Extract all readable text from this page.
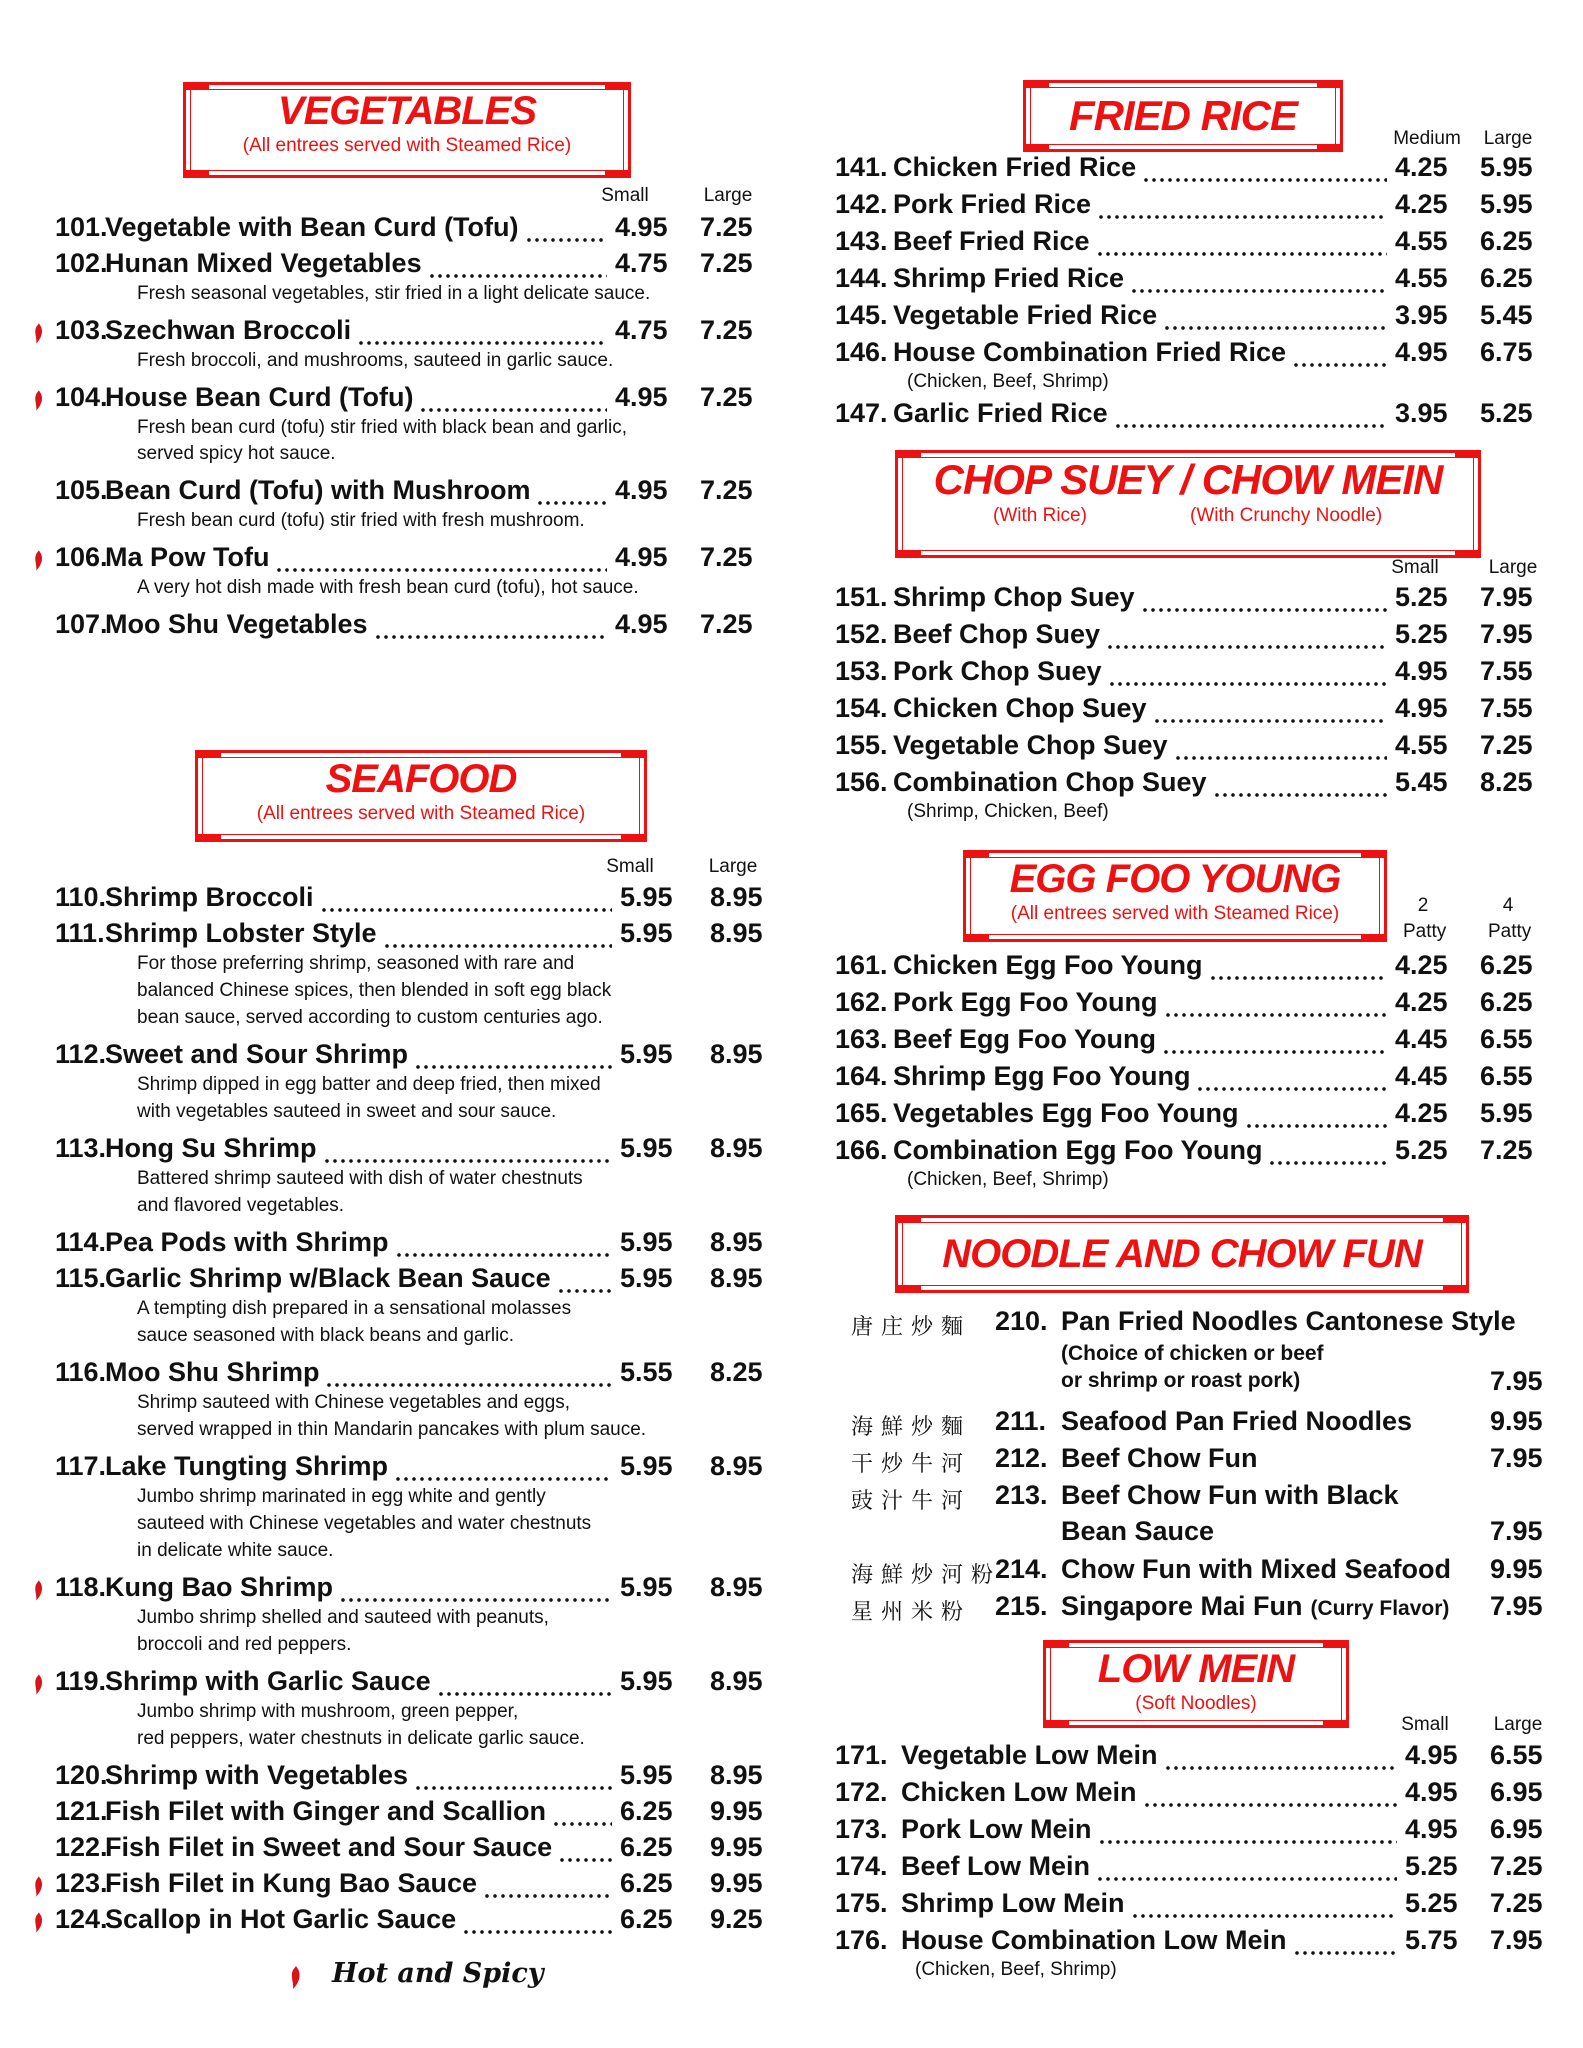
VEGETABLES
(All entrees served with Steamed Rice)
Small	Large
101.
Vegetable with Bean Curd (Tofu)	4.95 7.25
102.
Hunan Mixed Vegetables	4.75 7.25
Fresh seasonal vegetables, stir fried in a light delicate sauce.
103.
Szechwan Broccoli	4.75 7.25
Fresh broccoli, and mushrooms, sauteed in garlic sauce.
104.
House Bean Curd (Tofu)	4.95 7.25
Fresh bean curd (tofu) stir fried with black bean and garlic,
served spicy hot sauce.
105.
Bean Curd (Tofu) with Mushroom	4.95 7.25
Fresh bean curd (tofu) stir fried with fresh mushroom.
106.
Ma Pow Tofu	4.95 7.25
A very hot dish made with fresh bean curd (tofu), hot sauce.
107.
Moo Shu Vegetables	4.95 7.25
SEAFOOD
(All entrees served with Steamed Rice)
Small	Large
110.
Shrimp Broccoli	5.95 8.95
111. Shrimp Lobster Style	5.95 8.95
For those preferring shrimp, seasoned with rare and
balanced Chinese spices, then blended in soft egg black
bean sauce, served according to custom centuries ago.
112.
Sweet and Sour Shrimp	5.95 8.95
Shrimp dipped in egg batter and deep fried, then mixed
with vegetables sauteed in sweet and sour sauce.
113.
Hong Su Shrimp	5.95 8.95
Battered shrimp sauteed with dish of water chestnuts
and flavored vegetables.
114.
Pea Pods with Shrimp	5.95 8.95
115.
Garlic Shrimp w/Black Bean Sauce	5.95 8.95
A tempting dish prepared in a sensational molasses
sauce seasoned with black beans and garlic.
116.
Moo Shu Shrimp	5.55 8.25
Shrimp sauteed with Chinese vegetables and eggs,
served wrapped in thin Mandarin pancakes with plum sauce.
117.
Lake Tungting Shrimp	5.95 8.95
Jumbo shrimp marinated in egg white and gently
sauteed with Chinese vegetables and water chestnuts
in delicate white sauce.
118.
Kung Bao Shrimp	5.95 8.95
Jumbo shrimp shelled and sauteed with peanuts,
broccoli and red peppers.
119.
Shrimp with Garlic Sauce	5.95 8.95
Jumbo shrimp with mushroom, green pepper,
red peppers, water chestnuts in delicate garlic sauce.
120.
Shrimp with Vegetables	5.95 8.95
121.
Fish Filet with Ginger and Scallion	6.25 9.95
122.
Fish Filet in Sweet and Sour Sauce	6.25 9.95
123.
Fish Filet in Kung Bao Sauce	6.25 9.95
124.
Scallop in Hot Garlic Sauce	6.25 9.25
FRIED RICE	Medium	Large
141. Chicken Fried Rice	4.25 5.95
142. Pork Fried Rice	4.25 5.95
143. Beef Fried Rice	4.55 6.25
144. Shrimp Fried Rice	4.55 6.25
145. Vegetable Fried Rice	3.95 5.45
146. House Combination Fried Rice	4.95 6.75
(Chicken, Beef, Shrimp)
147. Garlic Fried Rice	3.95 5.25
CHOP SUEY / CHOW MEIN
(With Rice)	(With Crunchy Noodle)
Small	Large
151. Shrimp Chop Suey	5.25 7.95
152. Beef Chop Suey	5.25 7.95
153. Pork Chop Suey	4.95 7.55
154. Chicken Chop Suey	4.95 7.55
155. Vegetable Chop Suey	4.55 7.25
156. Combination Chop Suey	5.45 8.25
(Shrimp, Chicken, Beef)
EGG FOO YOUNG
(All entrees served with Steamed Rice)	2
Patty
4
Patty
161. Chicken Egg Foo Young	4.25 6.25
162. Pork Egg Foo Young	4.25 6.25
163. Beef Egg Foo Young	4.45 6.55
164. Shrimp Egg Foo Young	4.45 6.55
165. Vegetables Egg Foo Young	4.25 5.95
166. Combination Egg Foo Young	5.25 7.25
(Chicken, Beef, Shrimp)
NOODLE AND CHOW FUN
唐庄炒麵 210. Pan Fried Noodles Cantonese Style
(Choice of chicken or beef
or shrimp or roast pork)	7.95
海鮮炒麵 211. Seafood Pan Fried Noodles	9.95
干炒牛河 212. Beef Chow Fun	7.95
豉汁牛河 213. Beef Chow Fun with Black
Bean Sauce	7.95
海鮮炒河粉
214. Chow Fun with Mixed Seafood 9.95
星州米粉 215. Singapore Mai Fun (Curry Flavor) 7.95
LOW MEIN
(Soft Noodles)
Small	Large
171. Vegetable Low Mein	4.95 6.55
172. Chicken Low Mein	4.95 6.95
173. Pork Low Mein	4.95 6.95
174. Beef Low Mein	5.25 7.25
175. Shrimp Low Mein	5.25 7.25
176. House Combination Low Mein	5.75 7.95
(Chicken, Beef, Shrimp)
Hot and Spicy
